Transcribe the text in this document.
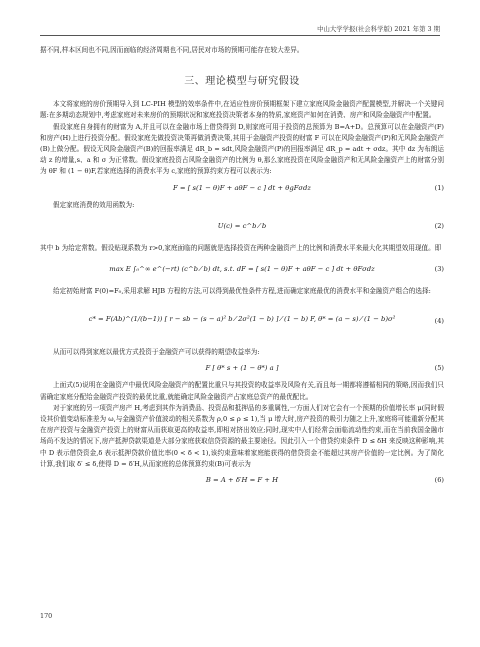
中山大学学报(社会科学版) 2021 年第 3 期

据不同,样本区间也不同,因而面临的经济周期也不同,居民对市场的预期可能存在较大差异。

三、理论模型与研究假设

本文将家庭的房价预期导入到 LC-PIH 模型的效率条件中,在适应性房价预期框架下建立家庭风险金融资产配置模型,并解决一个关键问题:在多期动态规划中,考虑家庭对未来房价的预期状况和家庭投资决策者本身的特质,家庭资产如何在消费、房产和风险金融资产中配置。

假设家庭自身拥有的财富为 A,并且可以在金融市场上借贷得到 D,则家庭可用于投资的总预算为 B=A+D。总预算可以在金融资产(F)和房产(H)上进行投资分配。假设家庭先做投资决策再做消费决策,其用于金融资产投资的财富 F 可以在风险金融资产(P)和无风险金融资产(B)上做分配。假设无风险金融资产(B)的回报率满足 dR_b = sdt,风险金融资产(P)的回报率满足 dR_p = adt + σdz。其中 dz 为布朗运动 z 的增量,s、a 和 σ 为正常数。假设家庭投资占风险金融资产的比例为 θ,那么家庭投资在风险金融资产和无风险金融资产上的财富分别为 θF 和 (1 − θ)F,若家庭选择的消费水平为 c,家庭的预算约束方程可以表示为:

F = [ s(1 − θ)F + aθF − c ] dt + θgFσdz	(1)

假定家庭消费的效用函数为:

U(c) = c^b ⁄ b	(2)

其中 b 为给定常数。假设贴现系数为 r>0,家庭面临的问题就是选择投资在两种金融资产上的比例和消费水平来最大化其期望效用现值。即

max E ∫₀^∞ e^(−rt) (c^b ⁄ b) dt, s.t. dF = [ s(1 − θ)F + aθF − c ] dt + θFσdz	(3)

给定初始财富 F(0)=F₀,采用求解 HJB 方程的方法,可以得到最优性条件方程,进而确定家庭最优的消费水平和金融资产组合的选择:

c* = F(Ab)^(1/(b−1)) [ r − sb − (s − a)² b ⁄ 2σ²(1 − b) ] ⁄ (1 − b) F, θ* = (a − s) ⁄ (1 − b)σ²	(4)

从而可以得到家庭以最优方式投资于金融资产可以获得的期望收益率为:

F [ θ* s + (1 − θ*) a ]	(5)

上面式(5)说明在金融资产中最优风险金融资产的配置比重只与其投资的收益率及风险有关,而且每一期都将遵循相同的策略,因而我们只需确定家庭分配给金融资产投资的最优比重,就能确定风险金融资产占家庭总资产的最优配比。

对于家庭的另一项资产房产 H,考虑到其作为消费品、投资品和抵押品的多重属性,一方面人们对它会有一个预期的价值增长率 μ(同时假设其价值变动标准差为 ω,与金融资产价值波动的相关系数为 ρ,0 ≤ ρ ≤ 1),当 μ 增大时,房产投资的吸引力随之上升,家庭将可能重新分配其在房产投资与金融资产投资上的财富从而获取更高的收益率,即相对挤出效应;同时,现实中人们经常会面临流动性约束,而在当前我国金融市场尚不发达的情况下,房产抵押贷款渠道是大部分家庭获取信贷资源的最主要途径。因此引入一个借贷约束条件 D ≤ δH 来反映这种影响,其中 D 表示借贷资金,δ 表示抵押贷款价值比率(0 < δ < 1),该约束意味着家庭能获得的借贷资金不能超过其房产价值的一定比例。为了简化计算,我们取 δ′ ≤ δ,使得 D = δ′H,从而家庭的总体预算约束(B)可表示为

B = A + δ′H = F + H	(6)
170
